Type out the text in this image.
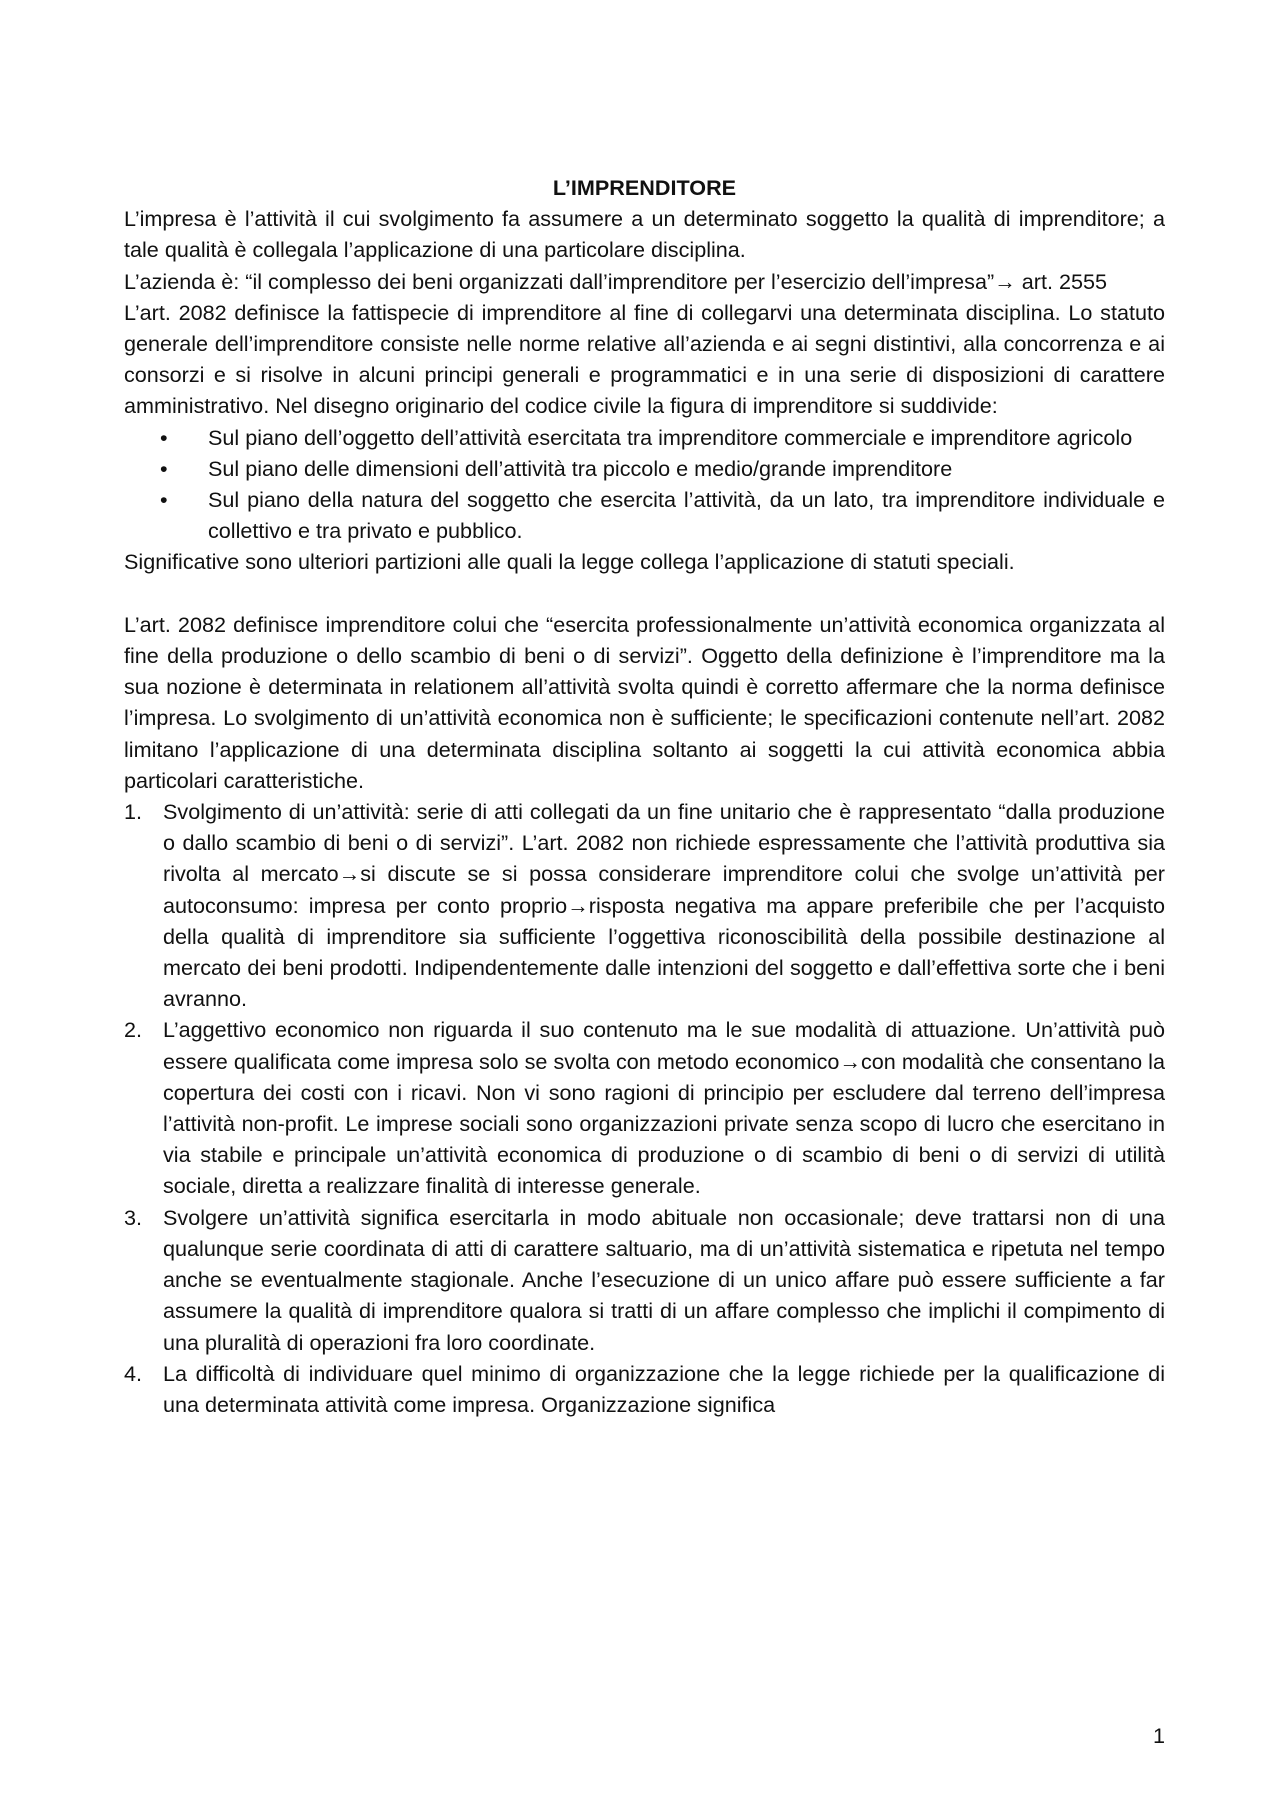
L’IMPRENDITORE

L’impresa è l’attività il cui svolgimento fa assumere a un determinato soggetto la qualità di imprenditore; a tale qualità è collegala l’applicazione di una particolare disciplina.

L’azienda è: “il complesso dei beni organizzati dall’imprenditore per l’esercizio dell’impresa”→ art. 2555

L’art. 2082 definisce la fattispecie di imprenditore al fine di collegarvi una determinata disciplina. Lo statuto generale dell’imprenditore consiste nelle norme relative all’azienda e ai segni distintivi, alla concorrenza e ai consorzi e si risolve in alcuni principi generali e programmatici e in una serie di disposizioni di carattere amministrativo. Nel disegno originario del codice civile la figura di imprenditore si suddivide:

• Sul piano dell’oggetto dell’attività esercitata tra imprenditore commerciale e imprenditore agricolo
• Sul piano delle dimensioni dell’attività tra piccolo e medio/grande imprenditore
• Sul piano della natura del soggetto che esercita l’attività, da un lato, tra imprenditore individuale e collettivo e tra privato e pubblico.

Significative sono ulteriori partizioni alle quali la legge collega l’applicazione di statuti speciali.

L’art. 2082 definisce imprenditore colui che “esercita professionalmente un’attività economica organizzata al fine della produzione o dello scambio di beni o di servizi”. Oggetto della definizione è l’imprenditore ma la sua nozione è determinata in relationem all’attività svolta quindi è corretto affermare che la norma definisce l’impresa. Lo svolgimento di un’attività economica non è sufficiente; le specificazioni contenute nell’art. 2082 limitano l’applicazione di una determinata disciplina soltanto ai soggetti la cui attività economica abbia particolari caratteristiche.

1. Svolgimento di un’attività: serie di atti collegati da un fine unitario che è rappresentato “dalla produzione o dallo scambio di beni o di servizi”. L’art. 2082 non richiede espressamente che l’attività produttiva sia rivolta al mercato→si discute se si possa considerare imprenditore colui che svolge un’attività per autoconsumo: impresa per conto proprio→risposta negativa ma appare preferibile che per l’acquisto della qualità di imprenditore sia sufficiente l’oggettiva riconoscibilità della possibile destinazione al mercato dei beni prodotti. Indipendentemente dalle intenzioni del soggetto e dall’effettiva sorte che i beni avranno.
2. L’aggettivo economico non riguarda il suo contenuto ma le sue modalità di attuazione. Un’attività può essere qualificata come impresa solo se svolta con metodo economico→con modalità che consentano la copertura dei costi con i ricavi. Non vi sono ragioni di principio per escludere dal terreno dell’impresa l’attività non-profit. Le imprese sociali sono organizzazioni private senza scopo di lucro che esercitano in via stabile e principale un’attività economica di produzione o di scambio di beni o di servizi di utilità sociale, diretta a realizzare finalità di interesse generale.
3. Svolgere un’attività significa esercitarla in modo abituale non occasionale; deve trattarsi non di una qualunque serie coordinata di atti di carattere saltuario, ma di un’attività sistematica e ripetuta nel tempo anche se eventualmente stagionale. Anche l’esecuzione di un unico affare può essere sufficiente a far assumere la qualità di imprenditore qualora si tratti di un affare complesso che implichi il compimento di una pluralità di operazioni fra loro coordinate.
4. La difficoltà di individuare quel minimo di organizzazione che la legge richiede per la qualificazione di una determinata attività come impresa. Organizzazione significa
1
